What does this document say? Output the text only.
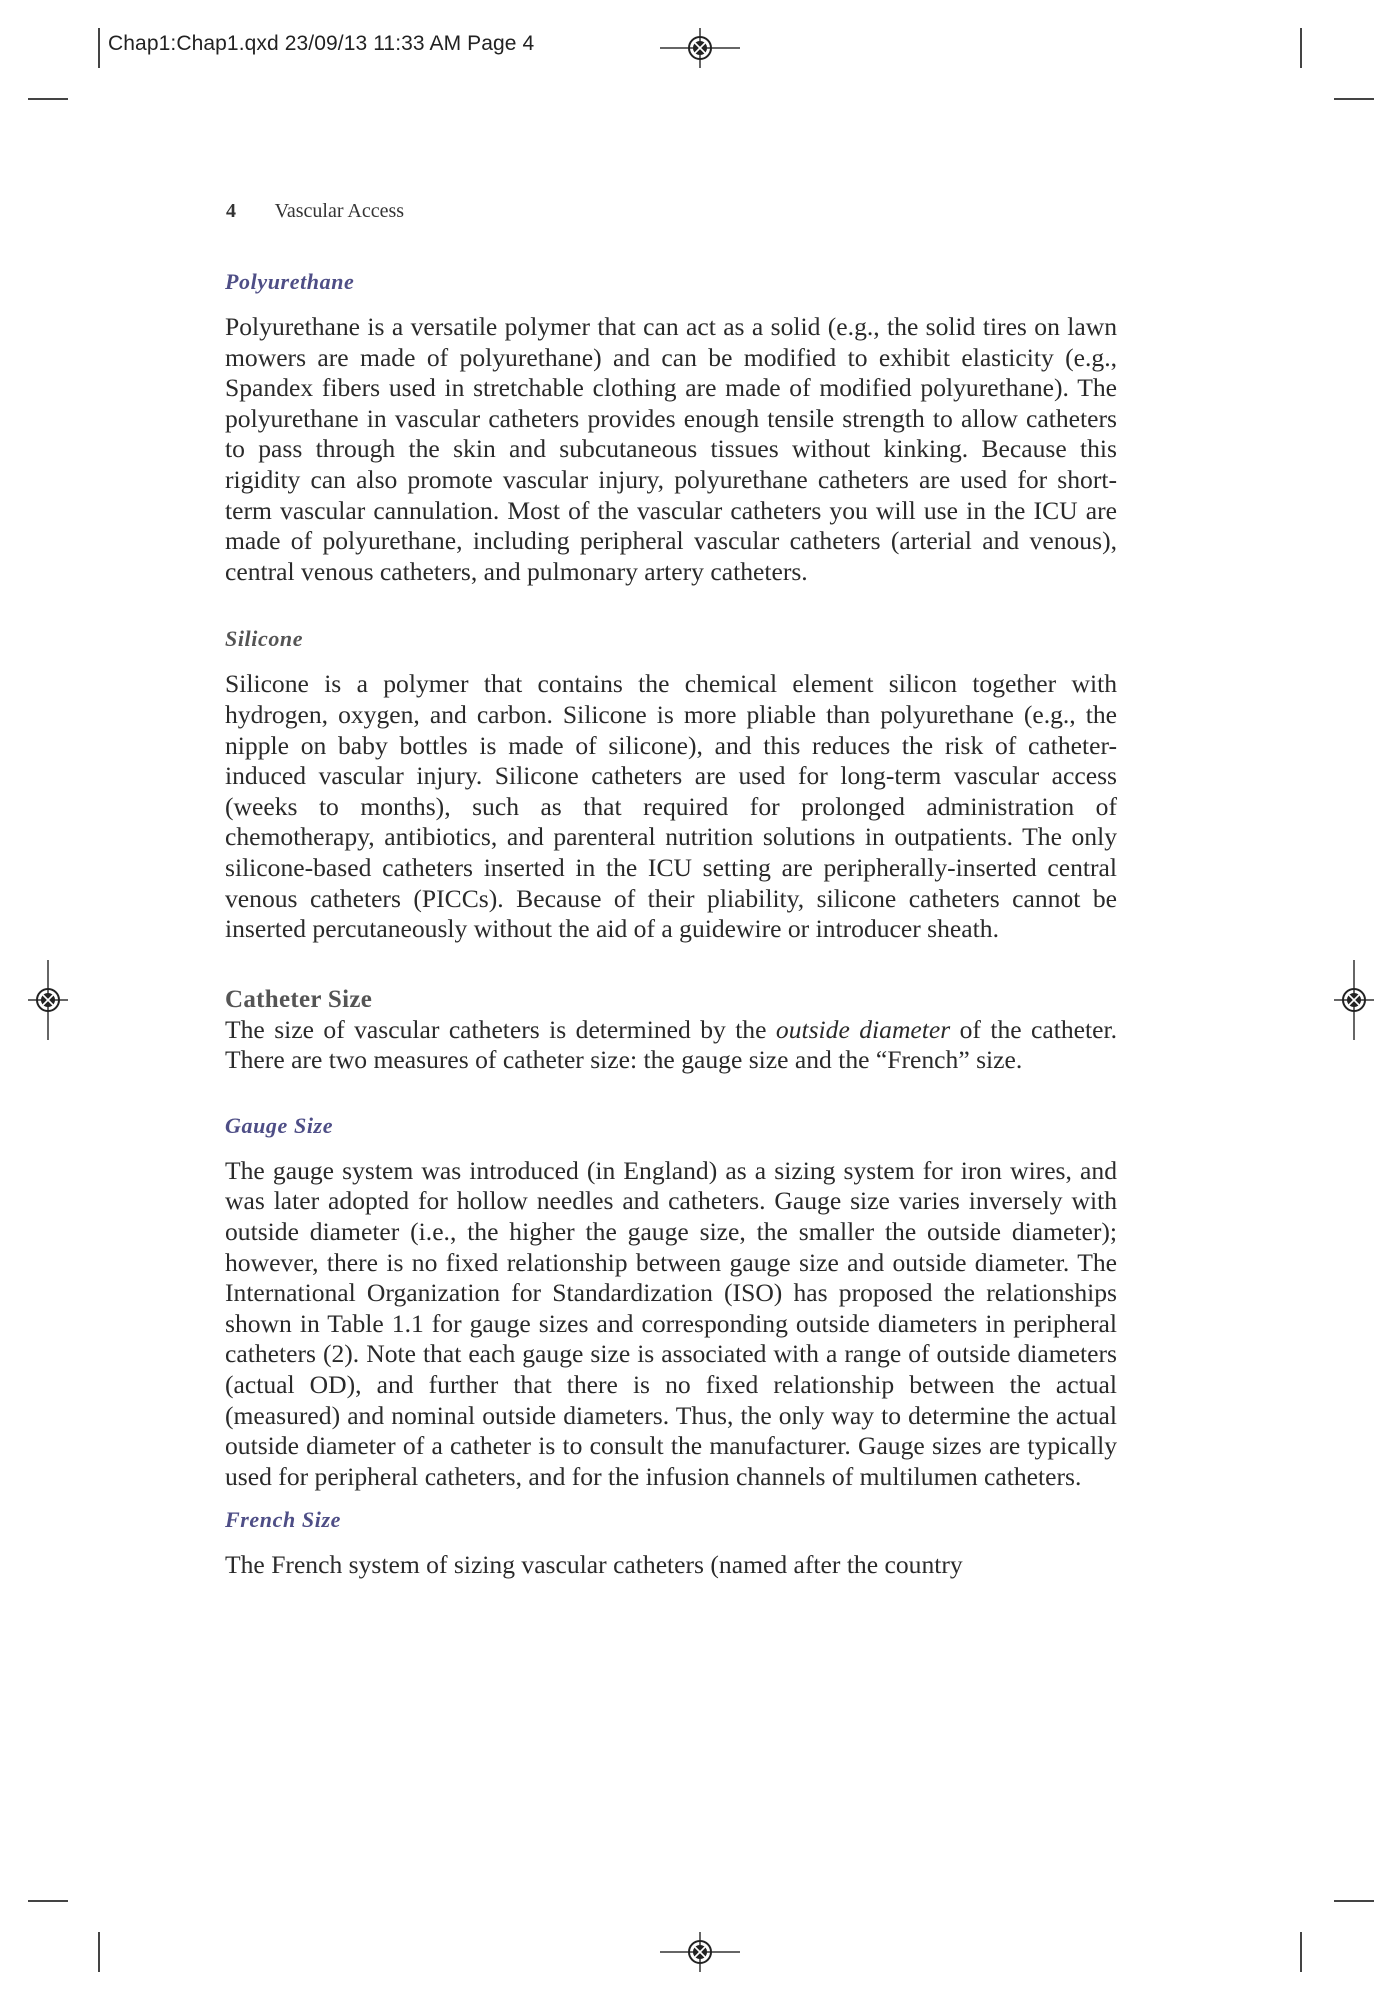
Chap1:Chap1.qxd 23/09/13 11:33 AM Page 4
4 Vascular Access
Polyurethane

Polyurethane is a versatile polymer that can act as a solid (e.g., the solid tires on lawn mowers are made of polyurethane) and can be modified to exhibit elasticity (e.g., Spandex fibers used in stretchable clothing are made of modified polyurethane). The polyurethane in vascular catheters provides enough tensile strength to allow catheters to pass through the skin and subcutaneous tissues without kinking. Because this rigidity can also promote vascular injury, polyurethane catheters are used for short-term vascular cannulation. Most of the vascular catheters you will use in the ICU are made of polyurethane, including peripheral vascular catheters (arterial and venous), central venous catheters, and pulmonary artery catheters.

Silicone

Silicone is a polymer that contains the chemical element silicon together with hydrogen, oxygen, and carbon. Silicone is more pliable than polyurethane (e.g., the nipple on baby bottles is made of silicone), and this reduces the risk of catheter-induced vascular injury. Silicone catheters are used for long-term vascular access (weeks to months), such as that required for prolonged administration of chemotherapy, antibiotics, and parenteral nutrition solutions in outpatients. The only silicone-based catheters inserted in the ICU setting are peripherally-inserted central venous catheters (PICCs). Because of their pliability, silicone catheters cannot be inserted percutaneously without the aid of a guidewire or introducer sheath.

Catheter Size

The size of vascular catheters is determined by the outside diameter of the catheter. There are two measures of catheter size: the gauge size and the “French” size.

Gauge Size

The gauge system was introduced (in England) as a sizing system for iron wires, and was later adopted for hollow needles and catheters. Gauge size varies inversely with outside diameter (i.e., the higher the gauge size, the smaller the outside diameter); however, there is no fixed relationship between gauge size and outside diameter. The International Organization for Standardization (ISO) has proposed the relationships shown in Table 1.1 for gauge sizes and corresponding outside diameters in peripheral catheters (2). Note that each gauge size is associated with a range of outside diameters (actual OD), and further that there is no fixed relationship between the actual (measured) and nominal outside diameters. Thus, the only way to determine the actual outside diameter of a catheter is to consult the manufacturer. Gauge sizes are typically used for peripheral catheters, and for the infusion channels of multilumen catheters.

French Size

The French system of sizing vascular catheters (named after the country
